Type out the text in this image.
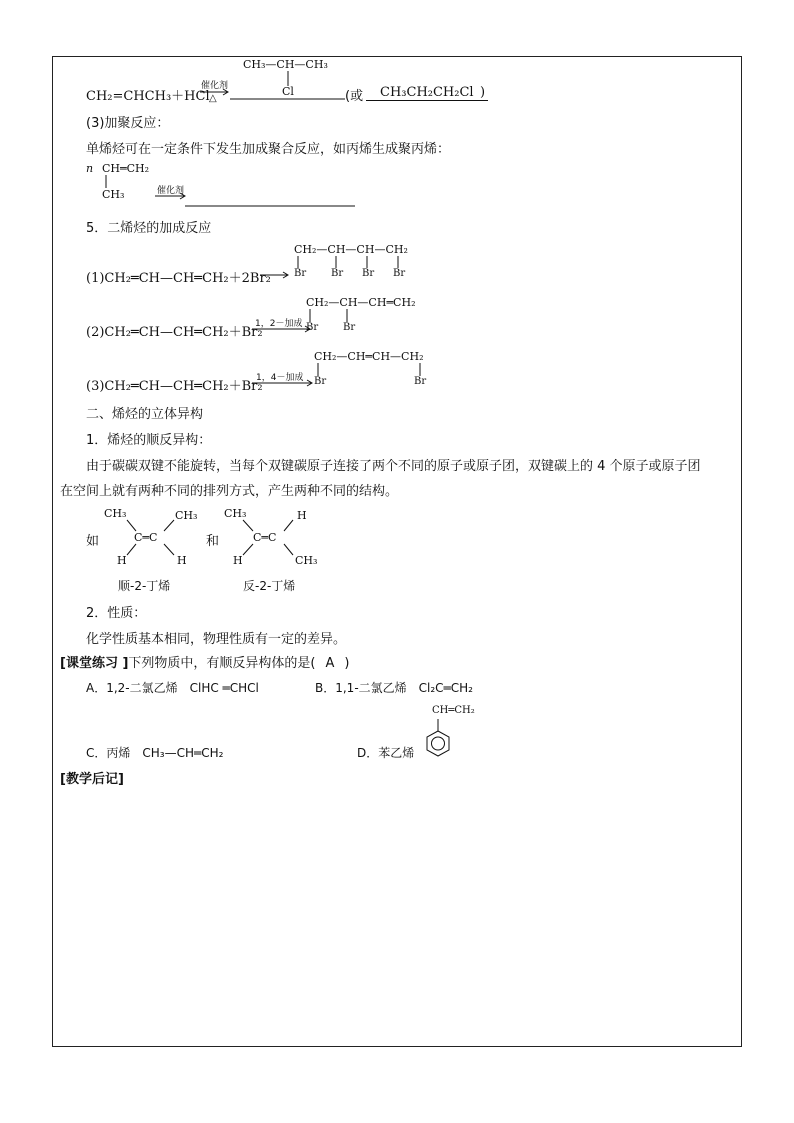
CH₃—CH—CH₃
Cl
CH₂=CHCH₃＋HCl
催化剂
△	(或	CH₃CH₂CH₂Cl )
(3)加聚反应：
单烯烃可在一定条件下发生加成聚合反应，如丙烯生成聚丙烯：
n CH═CH₂
CH₃	催化剂
5．二烯烃的加成反应
CH₂—CH—CH—CH₂
Br Br Br Br
(1)CH₂═CH—CH═CH₂＋2Br₂
CH₂—CH—CH═CH₂
1，2－加成 Br Br
(2)CH₂═CH—CH═CH₂＋Br₂
CH₂—CH═CH—CH₂
1，4－加成 Br	Br
(3)CH₂═CH—CH═CH₂＋Br₂
二、烯烃的立体异构
1．烯烃的顺反异构：
由于碳碳双键不能旋转，当每个双键碳原子连接了两个不同的原子或原子团，双键碳上的 4 个原子或原子团
在空间上就有两种不同的排列方式，产生两种不同的结构。
CH₃	CH₃
如	C═C
H	H
顺-2-丁烯
和
CH₃	H
C═C
H	CH₃
反-2-丁烯
2．性质：
化学性质基本相同，物理性质有一定的差异。
[课堂练习 ]下列物质中，有顺反异构体的是( A )
A．1,2-二氯乙烯　ClHC ═CHCl	B．1,1-二氯乙烯　Cl₂C═CH₂
CH═CH₂
C．丙烯　CH₃—CH═CH₂	D．苯乙烯
[教学后记]
